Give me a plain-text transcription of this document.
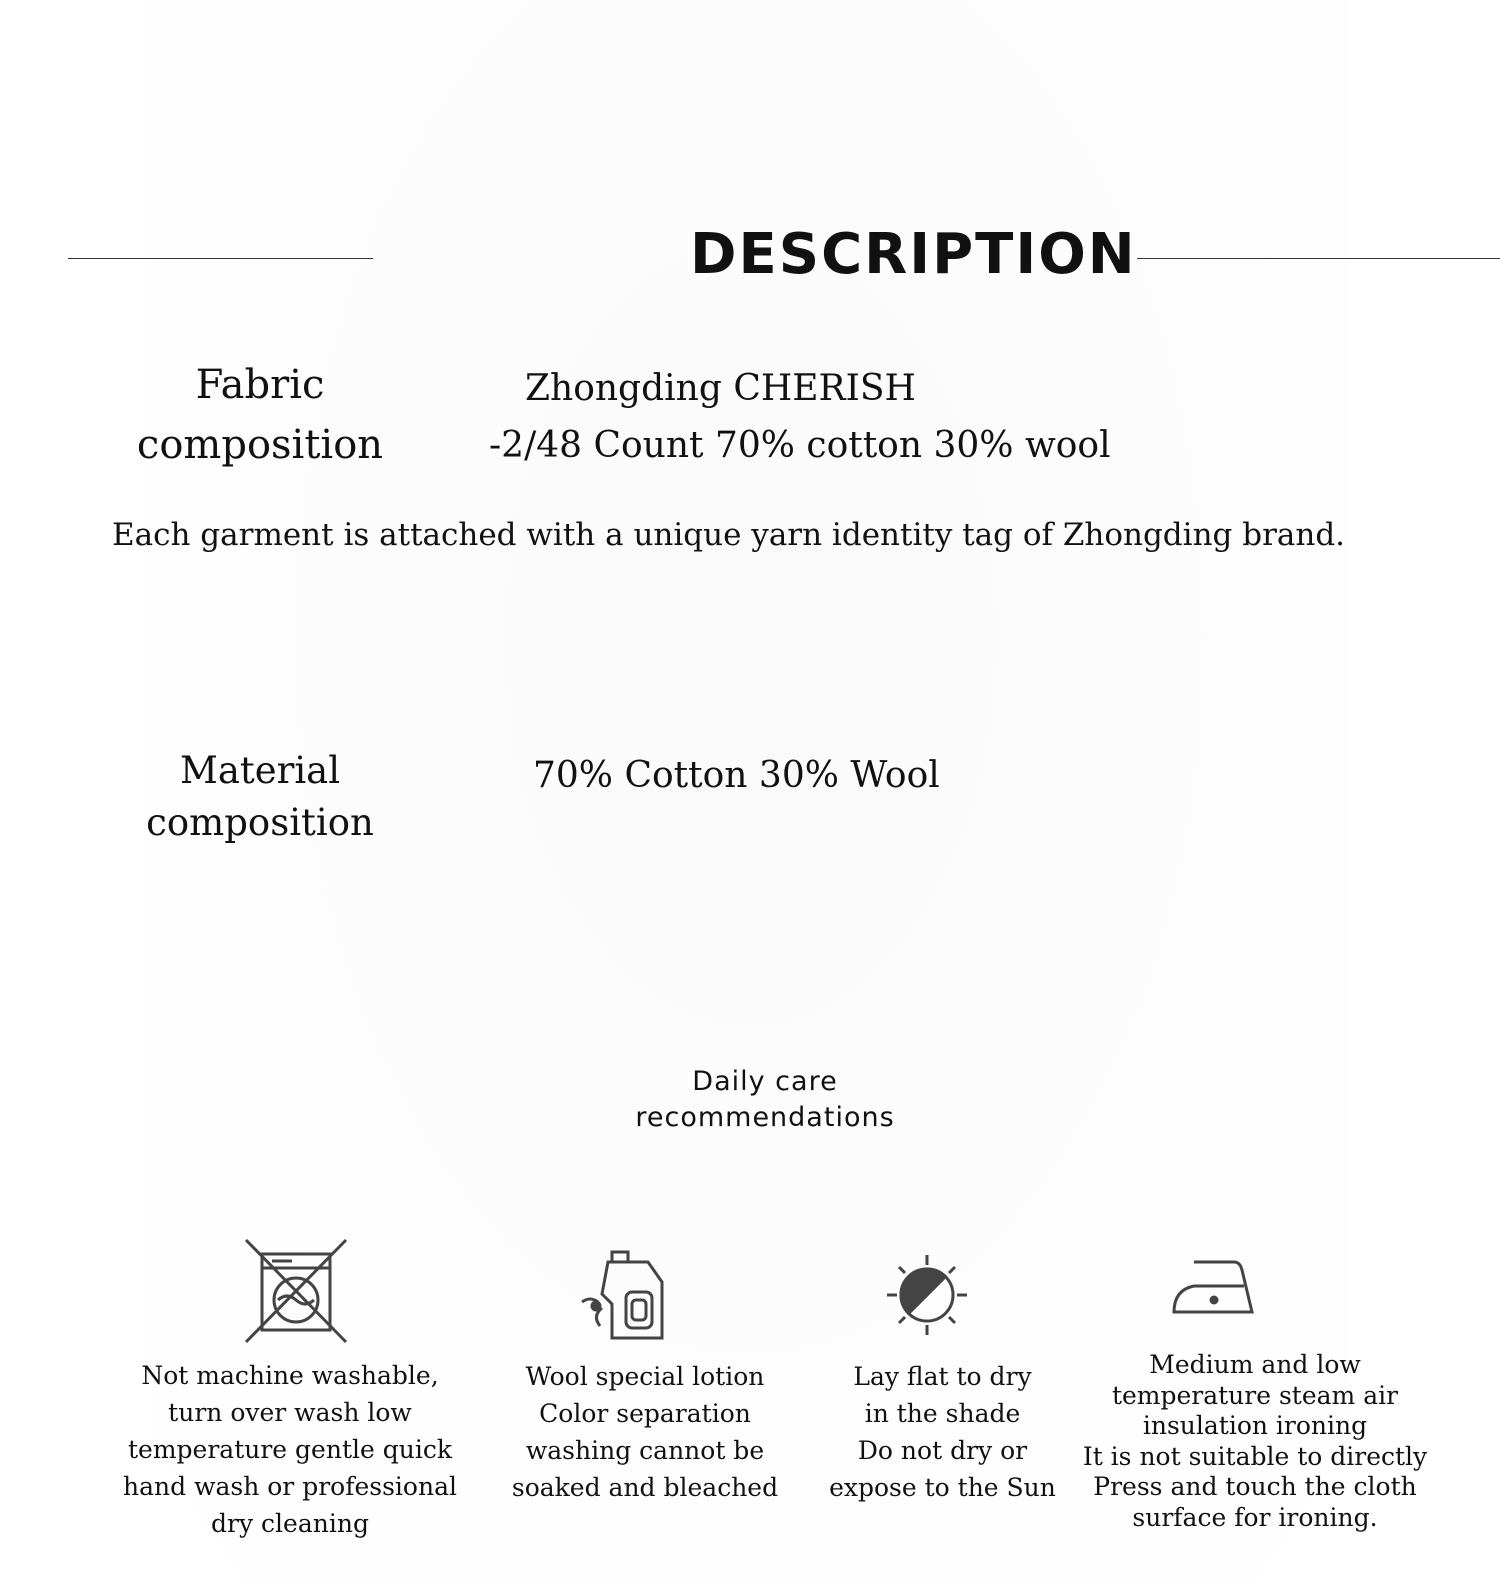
DESCRIPTION
Fabric
composition
Zhongding CHERISH
-2/48 Count 70% cotton 30% wool
Each garment is attached with a unique yarn identity tag of Zhongding brand.
Material
composition
70% Cotton 30% Wool
Daily care
recommendations
Not machine washable,
turn over wash low
temperature gentle quick
hand wash or professional
dry cleaning
Wool special lotion
Color separation
washing cannot be
soaked and bleached
Lay flat to dry
in the shade
Do not dry or
expose to the Sun
Medium and low
temperature steam air
insulation ironing
It is not suitable to directly
Press and touch the cloth
surface for ironing.
